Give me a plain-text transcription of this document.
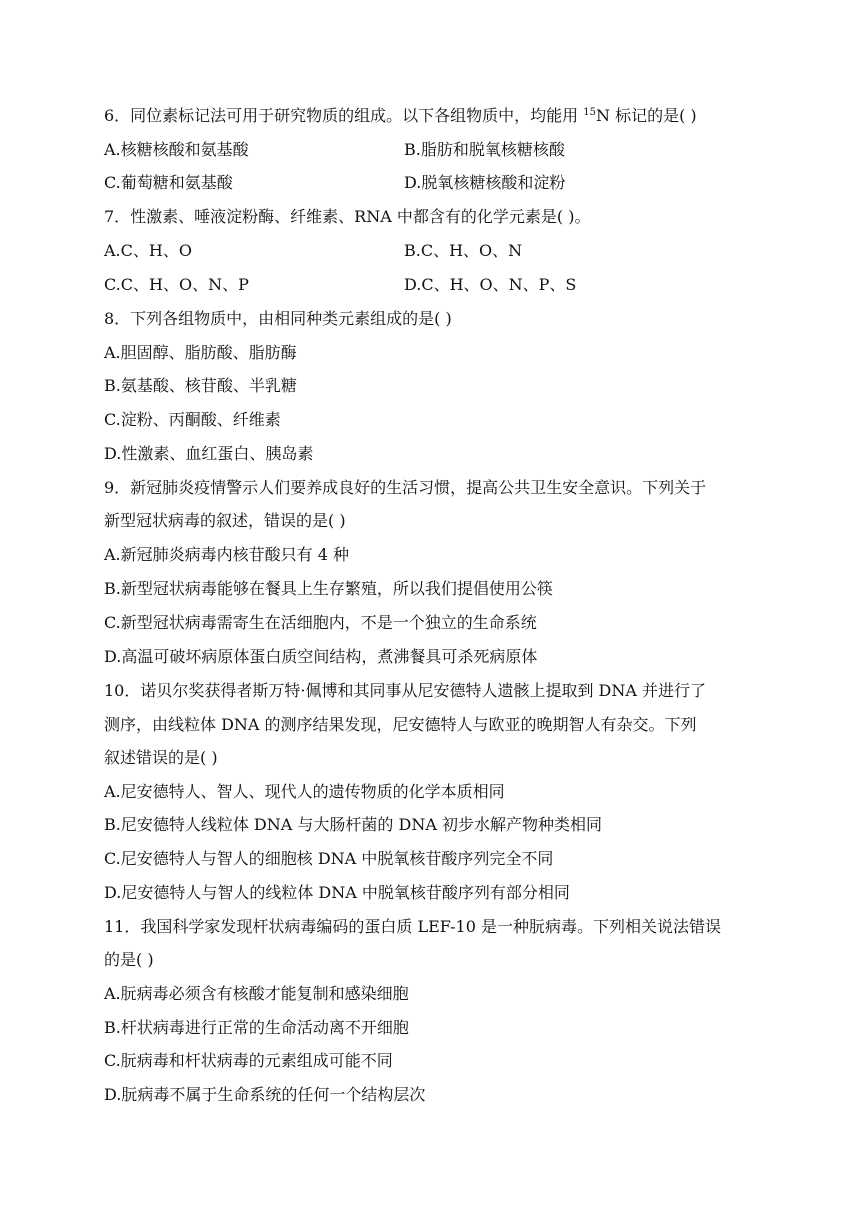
6．同位素标记法可用于研究物质的组成。以下各组物质中，均能用 $^{15}$N 标记的是( )
A.核糖核酸和氨基酸	B.脂肪和脱氧核糖核酸
C.葡萄糖和氨基酸	D.脱氧核糖核酸和淀粉
7．性激素、唾液淀粉酶、纤维素、RNA 中都含有的化学元素是( )。
A.C、H、O	B.C、H、O、N
C.C、H、O、N、P	D.C、H、O、N、P、S
8．下列各组物质中，由相同种类元素组成的是( )
A.胆固醇、脂肪酸、脂肪酶
B.氨基酸、核苷酸、半乳糖
C.淀粉、丙酮酸、纤维素
D.性激素、血红蛋白、胰岛素
9．新冠肺炎疫情警示人们要养成良好的生活习惯，提高公共卫生安全意识。下列关于
新型冠状病毒的叙述，错误的是( )
A.新冠肺炎病毒内核苷酸只有 4 种
B.新型冠状病毒能够在餐具上生存繁殖，所以我们提倡使用公筷
C.新型冠状病毒需寄生在活细胞内，不是一个独立的生命系统
D.高温可破坏病原体蛋白质空间结构，煮沸餐具可杀死病原体
10．诺贝尔奖获得者斯万特·佩博和其同事从尼安德特人遗骸上提取到 DNA 并进行了
测序，由线粒体 DNA 的测序结果发现，尼安德特人与欧亚的晚期智人有杂交。下列
叙述错误的是( )
A.尼安德特人、智人、现代人的遗传物质的化学本质相同
B.尼安德特人线粒体 DNA 与大肠杆菌的 DNA 初步水解产物种类相同
C.尼安德特人与智人的细胞核 DNA 中脱氧核苷酸序列完全不同
D.尼安德特人与智人的线粒体 DNA 中脱氧核苷酸序列有部分相同
11．我国科学家发现杆状病毒编码的蛋白质 LEF-10 是一种朊病毒。下列相关说法错误
的是( )
A.朊病毒必须含有核酸才能复制和感染细胞
B.杆状病毒进行正常的生命活动离不开细胞
C.朊病毒和杆状病毒的元素组成可能不同
D.朊病毒不属于生命系统的任何一个结构层次
